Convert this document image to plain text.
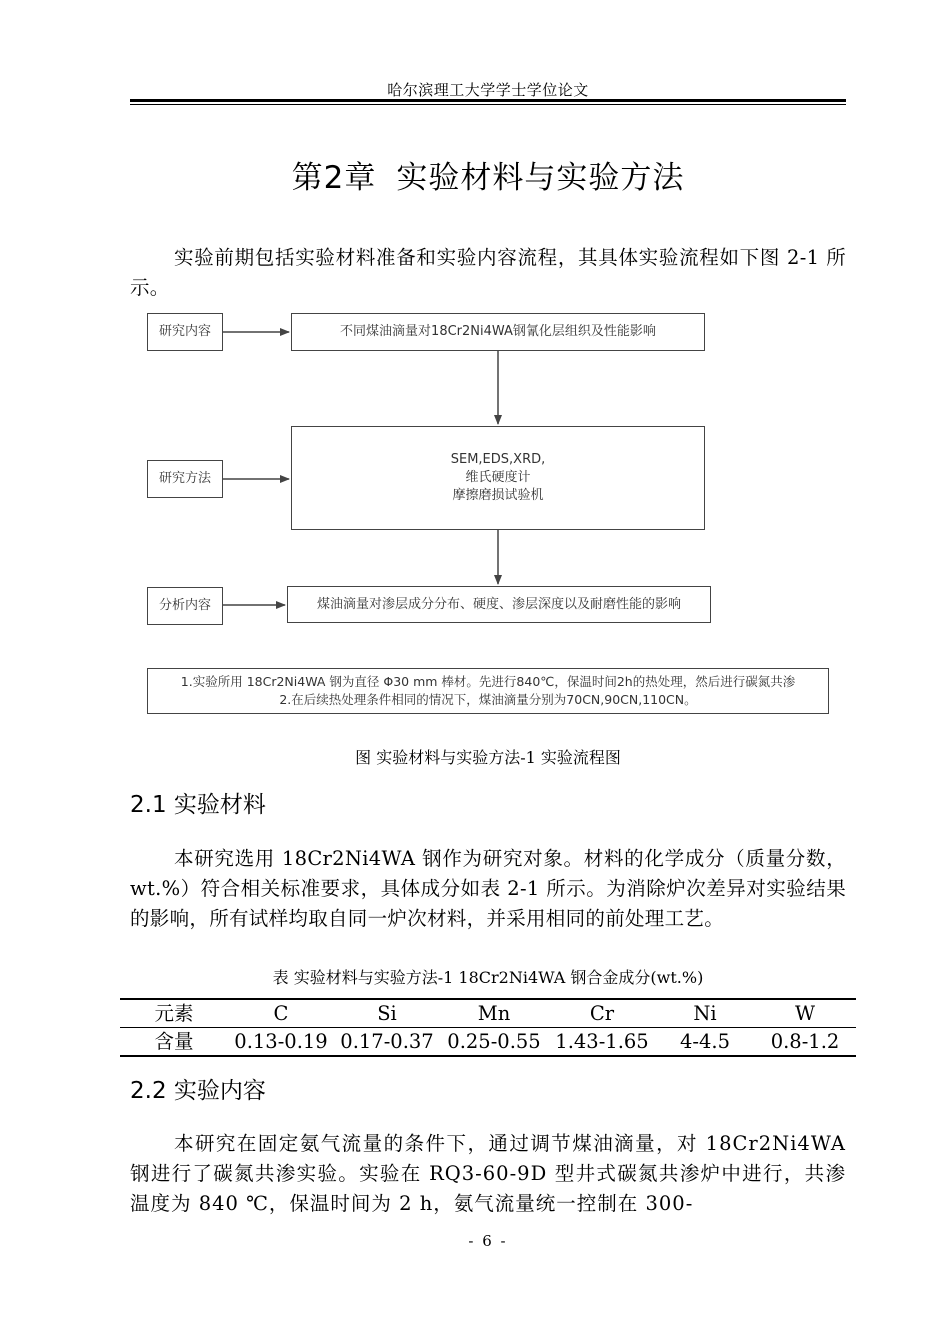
哈尔滨理工大学学士学位论文
第2章 实验材料与实验方法
实验前期包括实验材料准备和实验内容流程，其具体实验流程如下图 2-1 所示。
研究内容
研究方法
分析内容
不同煤油滴量对18Cr2Ni4WA钢氰化层组织及性能影响
SEM,EDS,XRD,
维氏硬度计
摩擦磨损试验机
煤油滴量对渗层成分分布、硬度、渗层深度以及耐磨性能的影响
1.实验所用 18Cr2Ni4WA 钢为直径 Φ30 mm 棒材。先进行840℃，保温时间2h的热处理，然后进行碳氮共渗
2.在后续热处理条件相同的情况下，煤油滴量分别为70CN,90CN,110CN。
图 实验材料与实验方法-1 实验流程图
2.1 实验材料
本研究选用 18Cr2Ni4WA 钢作为研究对象。材料的化学成分（质量分数，wt.%）符合相关标准要求，具体成分如表 2-1 所示。为消除炉次差异对实验结果的影响，所有试样均取自同一炉次材料，并采用相同的前处理工艺。
表 实验材料与实验方法-1 18Cr2Ni4WA 钢合金成分(wt.%)
元素	C	Si	Mn	Cr	Ni	W
含量	0.13-0.19	0.17-0.37	0.25-0.55	1.43-1.65	4-4.5	0.8-1.2
2.2 实验内容
本研究在固定氨气流量的条件下，通过调节煤油滴量，对 18Cr2Ni4WA 钢进行了碳氮共渗实验。实验在 RQ3-60-9D 型井式碳氮共渗炉中进行，共渗温度为 840 ℃，保温时间为 2 h，氨气流量统一控制在 300-
- 6 -
